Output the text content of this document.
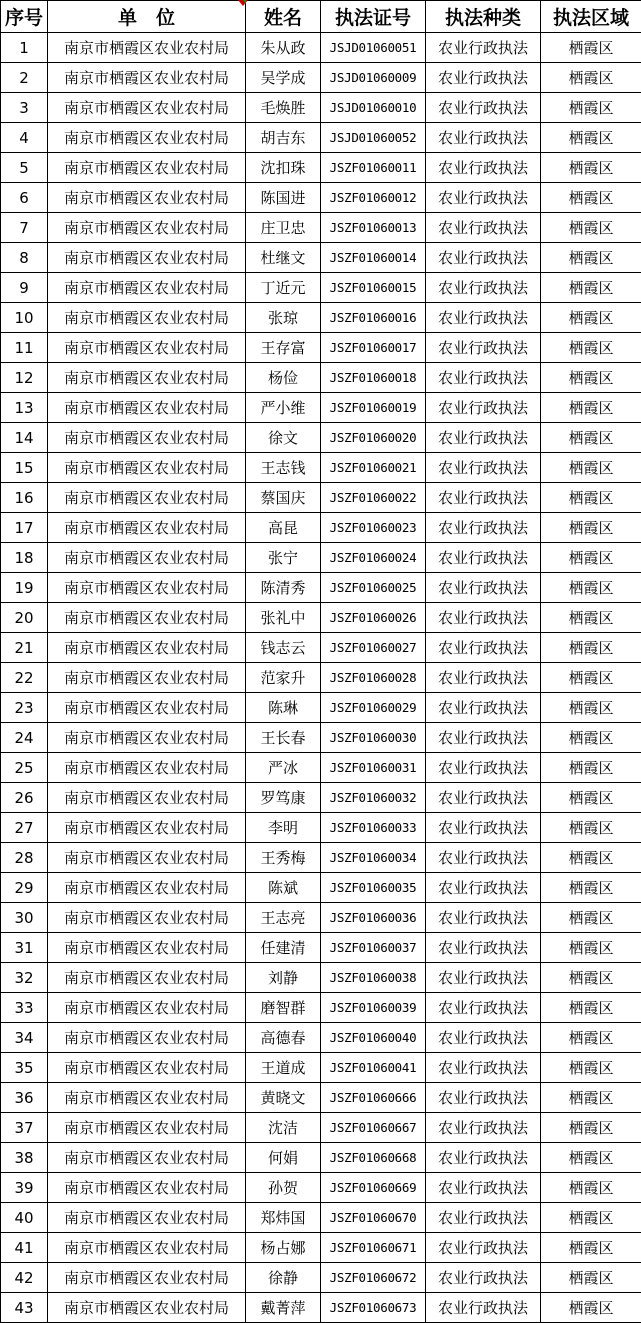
序号	单　位	姓名	执法证号	执法种类	执法区域
1	南京市栖霞区农业农村局	朱从政	JSJD01060051	农业行政执法	栖霞区
2	南京市栖霞区农业农村局	吴学成	JSJD01060009	农业行政执法	栖霞区
3	南京市栖霞区农业农村局	毛焕胜	JSJD01060010	农业行政执法	栖霞区
4	南京市栖霞区农业农村局	胡吉东	JSJD01060052	农业行政执法	栖霞区
5	南京市栖霞区农业农村局	沈扣珠	JSZF01060011	农业行政执法	栖霞区
6	南京市栖霞区农业农村局	陈国进	JSZF01060012	农业行政执法	栖霞区
7	南京市栖霞区农业农村局	庄卫忠	JSZF01060013	农业行政执法	栖霞区
8	南京市栖霞区农业农村局	杜继文	JSZF01060014	农业行政执法	栖霞区
9	南京市栖霞区农业农村局	丁近元	JSZF01060015	农业行政执法	栖霞区
10	南京市栖霞区农业农村局	张琼	JSZF01060016	农业行政执法	栖霞区
11	南京市栖霞区农业农村局	王存富	JSZF01060017	农业行政执法	栖霞区
12	南京市栖霞区农业农村局	杨俭	JSZF01060018	农业行政执法	栖霞区
13	南京市栖霞区农业农村局	严小维	JSZF01060019	农业行政执法	栖霞区
14	南京市栖霞区农业农村局	徐文	JSZF01060020	农业行政执法	栖霞区
15	南京市栖霞区农业农村局	王志钱	JSZF01060021	农业行政执法	栖霞区
16	南京市栖霞区农业农村局	蔡国庆	JSZF01060022	农业行政执法	栖霞区
17	南京市栖霞区农业农村局	高昆	JSZF01060023	农业行政执法	栖霞区
18	南京市栖霞区农业农村局	张宁	JSZF01060024	农业行政执法	栖霞区
19	南京市栖霞区农业农村局	陈清秀	JSZF01060025	农业行政执法	栖霞区
20	南京市栖霞区农业农村局	张礼中	JSZF01060026	农业行政执法	栖霞区
21	南京市栖霞区农业农村局	钱志云	JSZF01060027	农业行政执法	栖霞区
22	南京市栖霞区农业农村局	范家升	JSZF01060028	农业行政执法	栖霞区
23	南京市栖霞区农业农村局	陈琳	JSZF01060029	农业行政执法	栖霞区
24	南京市栖霞区农业农村局	王长春	JSZF01060030	农业行政执法	栖霞区
25	南京市栖霞区农业农村局	严冰	JSZF01060031	农业行政执法	栖霞区
26	南京市栖霞区农业农村局	罗笃康	JSZF01060032	农业行政执法	栖霞区
27	南京市栖霞区农业农村局	李明	JSZF01060033	农业行政执法	栖霞区
28	南京市栖霞区农业农村局	王秀梅	JSZF01060034	农业行政执法	栖霞区
29	南京市栖霞区农业农村局	陈斌	JSZF01060035	农业行政执法	栖霞区
30	南京市栖霞区农业农村局	王志亮	JSZF01060036	农业行政执法	栖霞区
31	南京市栖霞区农业农村局	任建清	JSZF01060037	农业行政执法	栖霞区
32	南京市栖霞区农业农村局	刘静	JSZF01060038	农业行政执法	栖霞区
33	南京市栖霞区农业农村局	磨智群	JSZF01060039	农业行政执法	栖霞区
34	南京市栖霞区农业农村局	高德春	JSZF01060040	农业行政执法	栖霞区
35	南京市栖霞区农业农村局	王道成	JSZF01060041	农业行政执法	栖霞区
36	南京市栖霞区农业农村局	黄晓文	JSZF01060666	农业行政执法	栖霞区
37	南京市栖霞区农业农村局	沈洁	JSZF01060667	农业行政执法	栖霞区
38	南京市栖霞区农业农村局	何娟	JSZF01060668	农业行政执法	栖霞区
39	南京市栖霞区农业农村局	孙贺	JSZF01060669	农业行政执法	栖霞区
40	南京市栖霞区农业农村局	郑炜国	JSZF01060670	农业行政执法	栖霞区
41	南京市栖霞区农业农村局	杨占娜	JSZF01060671	农业行政执法	栖霞区
42	南京市栖霞区农业农村局	徐静	JSZF01060672	农业行政执法	栖霞区
43	南京市栖霞区农业农村局	戴菁萍	JSZF01060673	农业行政执法	栖霞区
